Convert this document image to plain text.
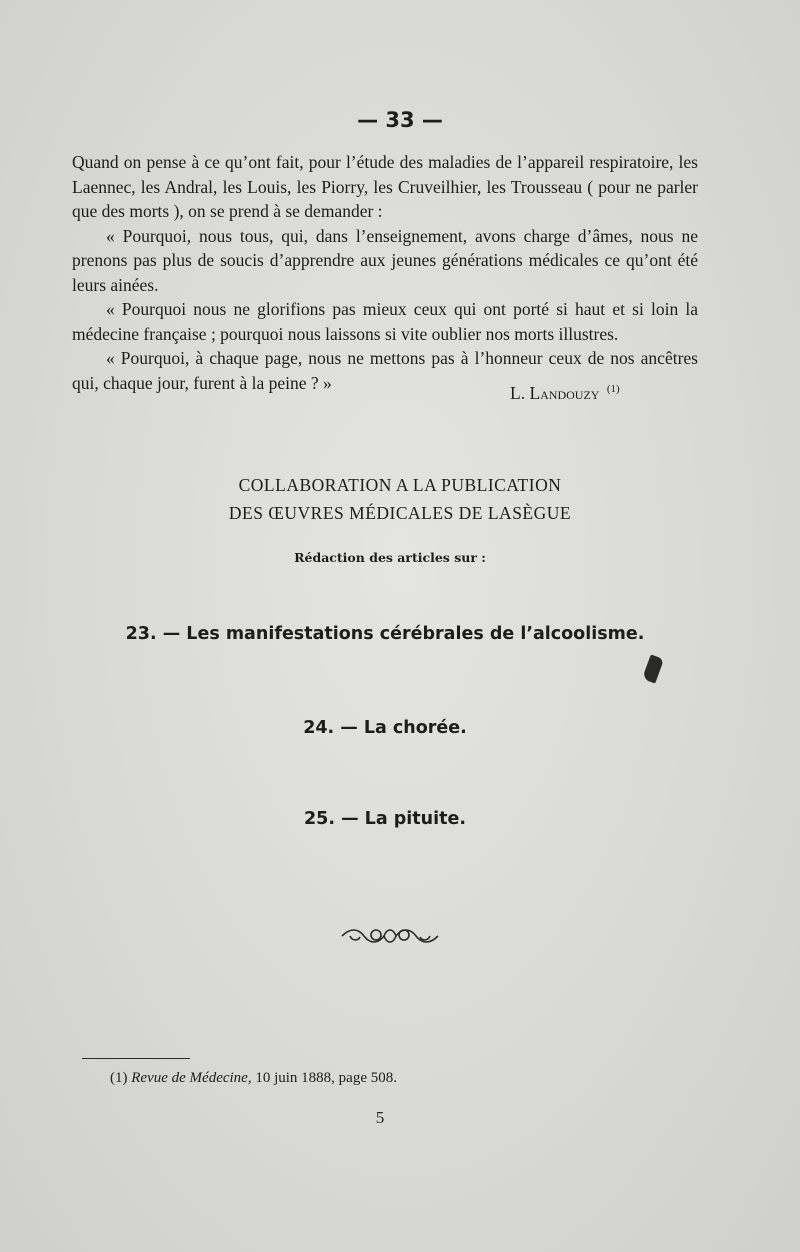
— 33 —

Quand on pense à ce qu’ont fait, pour l’étude des maladies de l’appareil respiratoire, les Laennec, les Andral, les Louis, les Piorry, les Cruveilhier, les Trousseau ( pour ne parler que des morts ), on se prend à se demander :

« Pourquoi, nous tous, qui, dans l’enseignement, avons charge d’âmes, nous ne prenons pas plus de soucis d’apprendre aux jeunes générations médicales ce qu’ont été leurs ainées.

« Pourquoi nous ne glorifions pas mieux ceux qui ont porté si haut et si loin la médecine française ; pourquoi nous laissons si vite oublier nos morts illustres.

« Pourquoi, à chaque page, nous ne mettons pas à l’honneur ceux de nos ancêtres qui, chaque jour, furent à la peine ? »

L. Landouzy $^{(1)}$
COLLABORATION A LA PUBLICATION
DES ŒUVRES MÉDICALES DE LASÈGUE
Rédaction des articles sur :
23. — Les manifestations cérébrales de l’alcoolisme.
24. — La chorée.
25. — La pituite.
(1) Revue de Médecine, 10 juin 1888, page 508.
5
